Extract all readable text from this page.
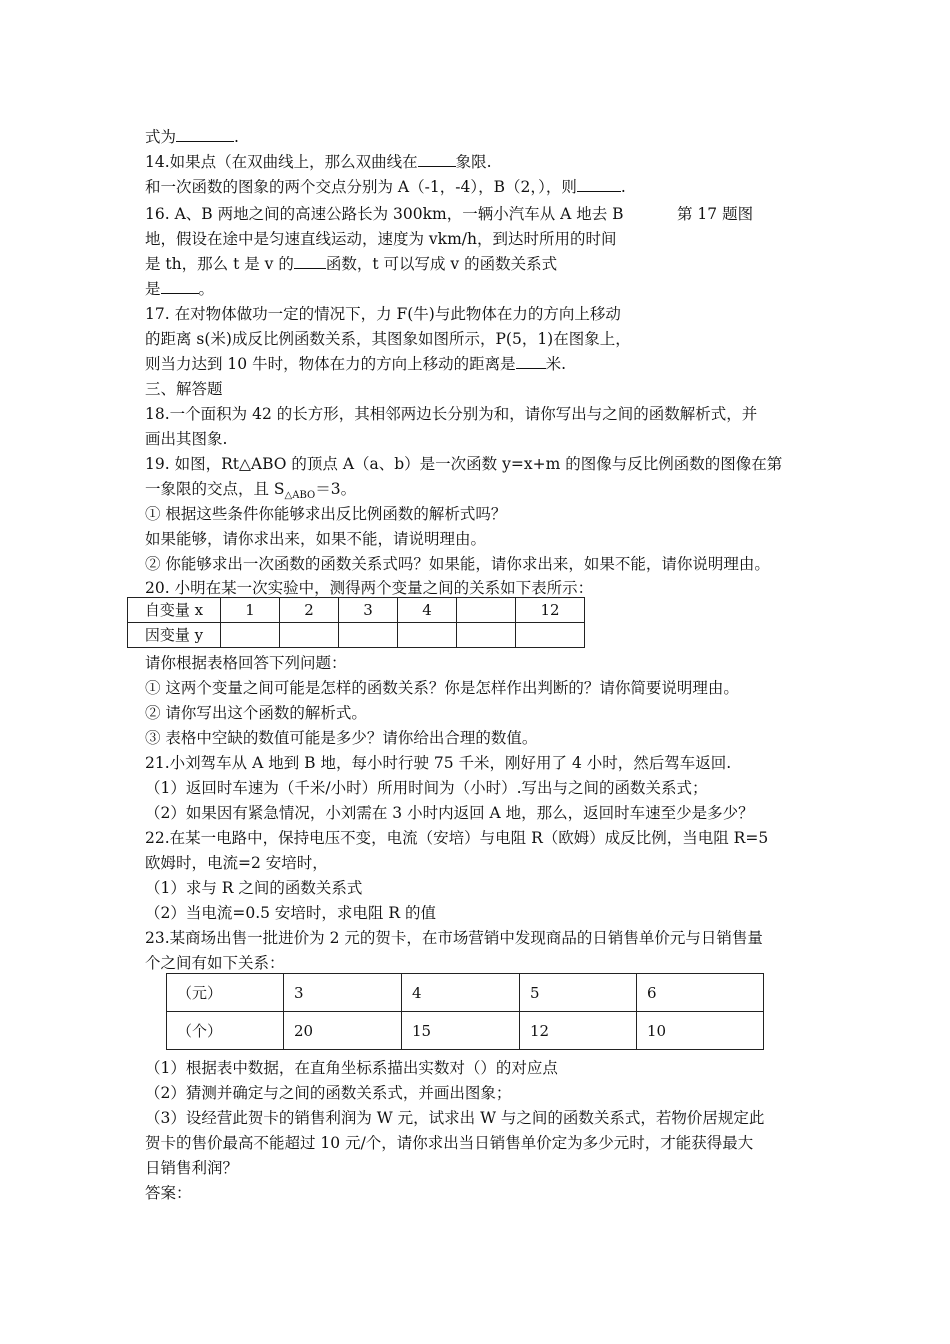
式为	.
14.如果点（在双曲线上，那么双曲线在 象限.
和一次函数的图象的两个交点分别为 A（-1，-4），B（2，），则	.
16. A、B 两地之间的高速公路长为 300km，一辆小汽车从 A 地去 B	第 17 题图
地，假设在途中是匀速直线运动，速度为 vkm/h，到达时所用的时间
是 th，那么 t 是 v 的 函数，t 可以写成 v 的函数关系式
是 。
17. 在对物体做功一定的情况下，力 F(牛)与此物体在力的方向上移动
的距离 s(米)成反比例函数关系，其图象如图所示，P(5，1)在图象上，
则当力达到 10 牛时，物体在力的方向上移动的距离是 米.
三、解答题
18.一个面积为 42 的长方形，其相邻两边长分别为和，请你写出与之间的函数解析式，并
画出其图象.
19. 如图，Rt△ABO 的顶点 A（a、b）是一次函数 y=x+m 的图像与反比例函数的图像在第
一象限的交点，且 $S_{\triangle ABO}=3$。
① 根据这些条件你能够求出反比例函数的解析式吗？
如果能够，请你求出来，如果不能，请说明理由。
② 你能够求出一次函数的函数关系式吗？如果能，请你求出来，如果不能，请你说明理由。
20. 小明在某一次实验中，测得两个变量之间的关系如下表所示：
自变量 x	1	2	3	4		12
因变量 y						
请你根据表格回答下列问题：
① 这两个变量之间可能是怎样的函数关系？你是怎样作出判断的？请你简要说明理由。
② 请你写出这个函数的解析式。
③ 表格中空缺的数值可能是多少？请你给出合理的数值。
21.小刘驾车从 A 地到 B 地，每小时行驶 75 千米，刚好用了 4 小时，然后驾车返回.
（1）返回时车速为（千米/小时）所用时间为（小时）.写出与之间的函数关系式；
（2）如果因有紧急情况，小刘需在 3 小时内返回 A 地，那么，返回时车速至少是多少？
22.在某一电路中，保持电压不变，电流（安培）与电阻 R（欧姆）成反比例，当电阻 R=5
欧姆时，电流=2 安培时，
（1）求与 R 之间的函数关系式
（2）当电流=0.5 安培时，求电阻 R 的值
23.某商场出售一批进价为 2 元的贺卡，在市场营销中发现商品的日销售单价元与日销售量
个之间有如下关系：
（元）	3	4	5	6
（个）	20	15	12	10
（1）根据表中数据，在直角坐标系描出实数对（）的对应点
（2）猜测并确定与之间的函数关系式，并画出图象；
（3）设经营此贺卡的销售利润为 W 元，试求出 W 与之间的函数关系式，若物价居规定此
贺卡的售价最高不能超过 10 元/个，请你求出当日销售单价定为多少元时，才能获得最大
日销售利润？
答案：
